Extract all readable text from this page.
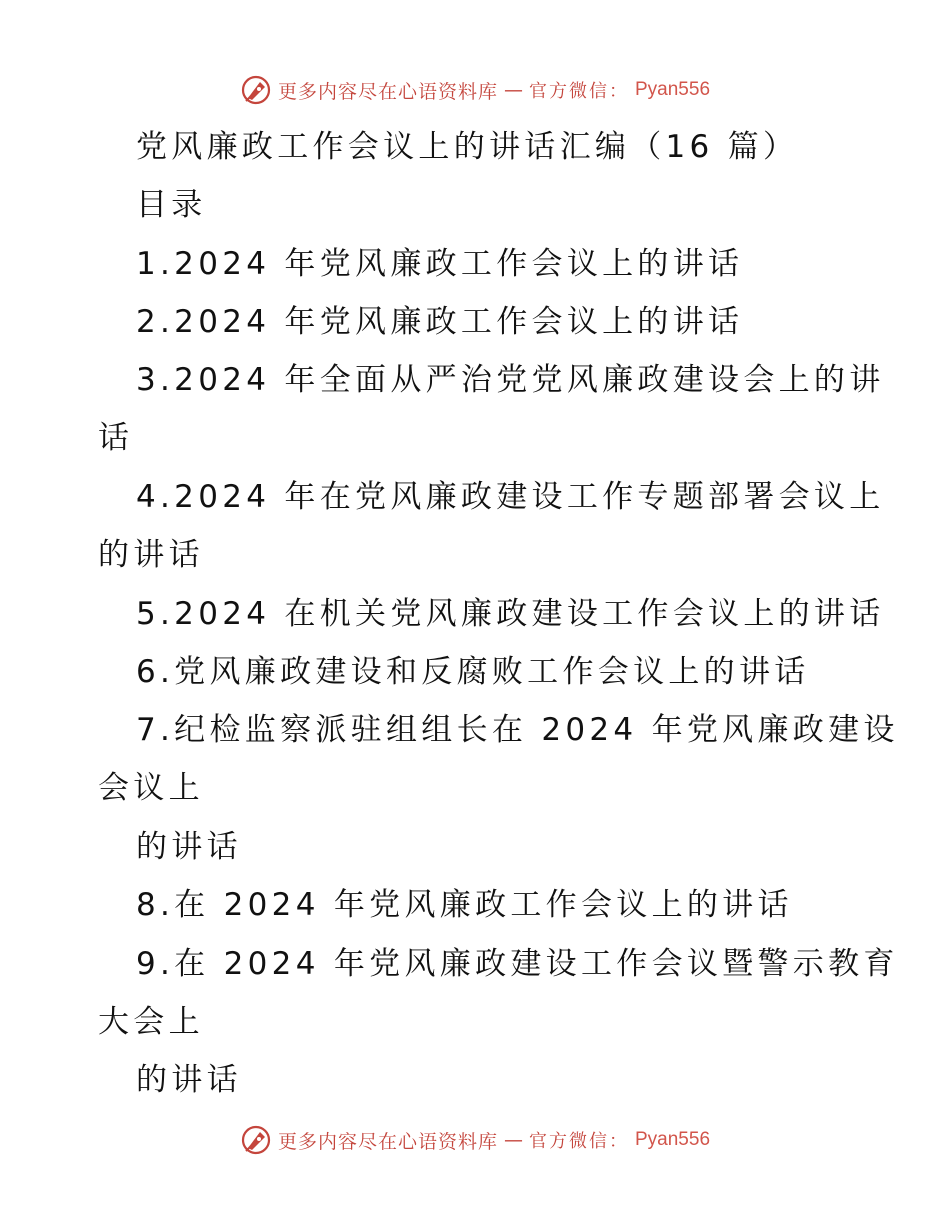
更多内容尽在心语资料库 — 官方微信： Pyan556
党风廉政工作会议上的讲话汇编（16 篇）
目录
1.2024 年党风廉政工作会议上的讲话
2.2024 年党风廉政工作会议上的讲话
3.2024 年全面从严治党党风廉政建设会上的讲
话
4.2024 年在党风廉政建设工作专题部署会议上
的讲话
5.2024 在机关党风廉政建设工作会议上的讲话
6.党风廉政建设和反腐败工作会议上的讲话
7.纪检监察派驻组组长在 2024 年党风廉政建设
会议上
的讲话
8.在 2024 年党风廉政工作会议上的讲话
9.在 2024 年党风廉政建设工作会议暨警示教育
大会上
的讲话
更多内容尽在心语资料库 — 官方微信： Pyan556
